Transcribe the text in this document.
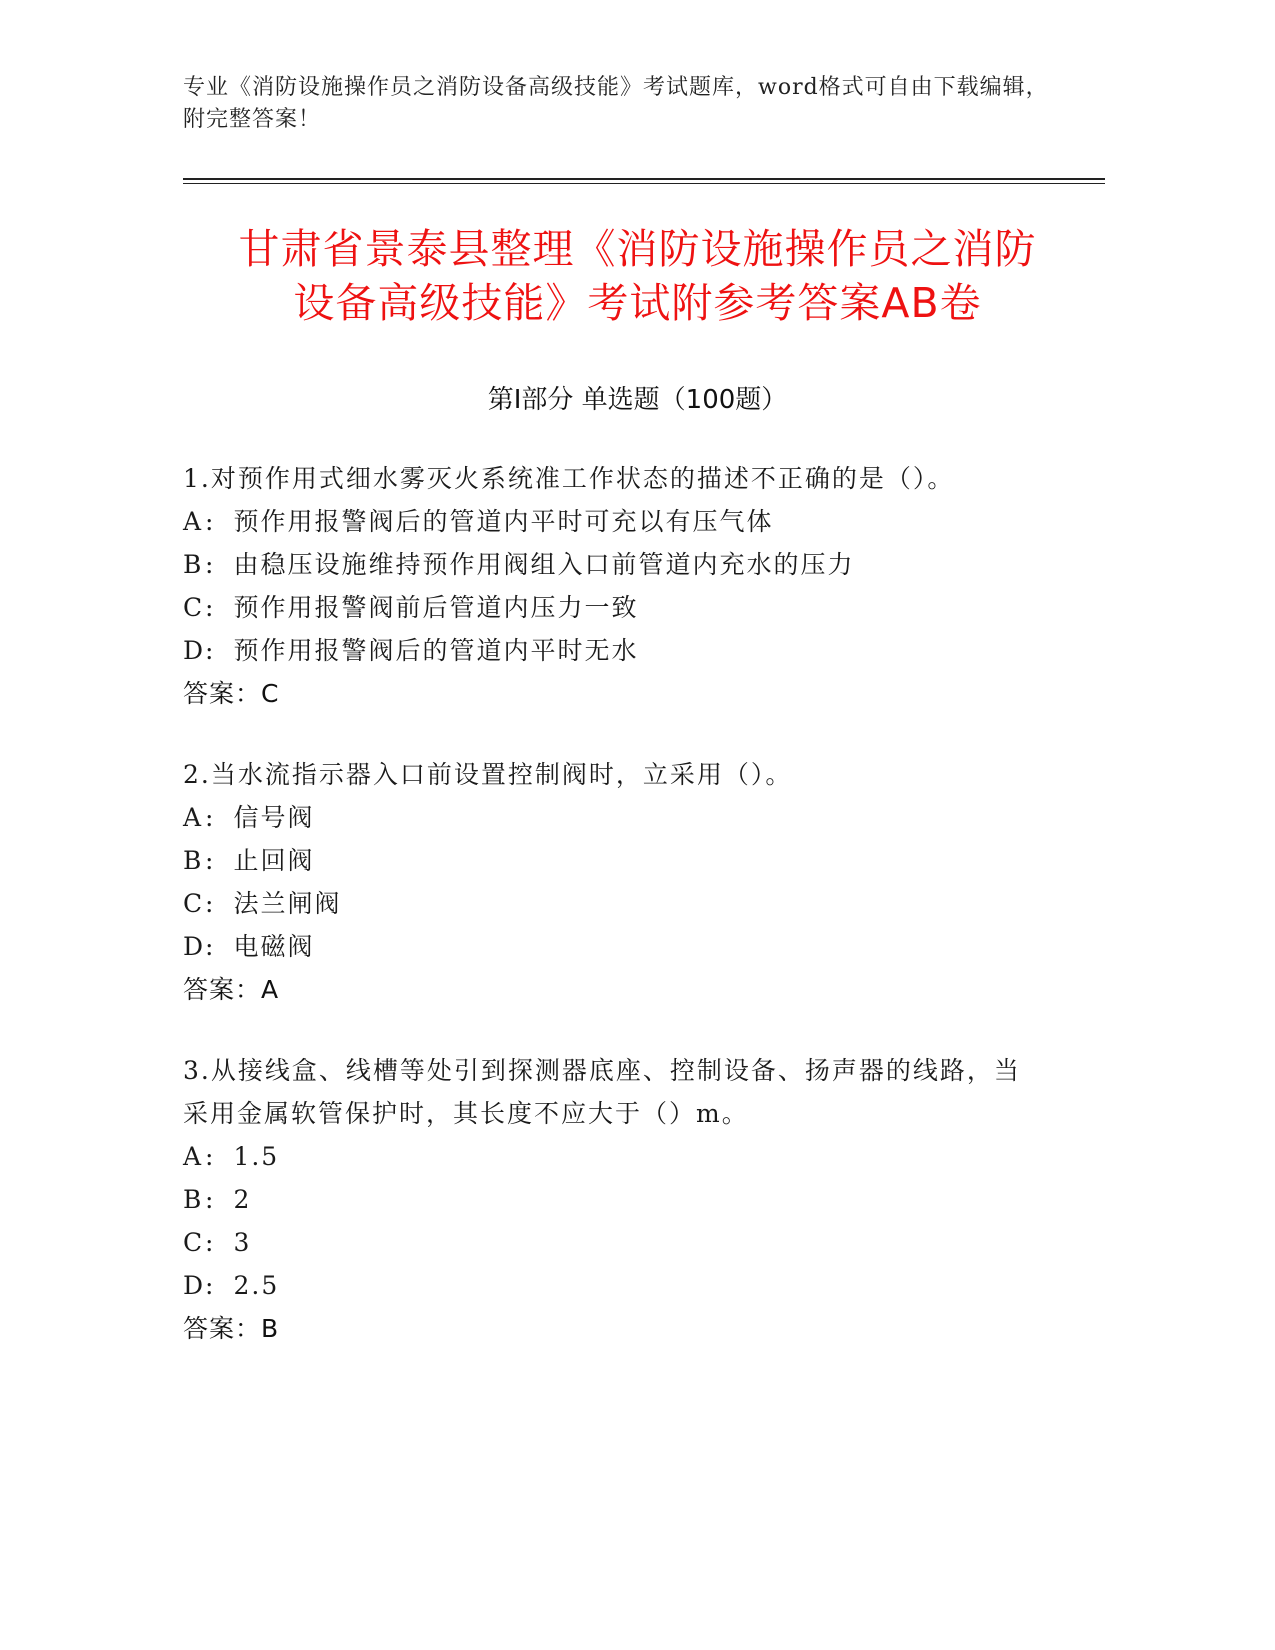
专业《消防设施操作员之消防设备高级技能》考试题库，word格式可自由下载编辑，附完整答案！
甘肃省景泰县整理《消防设施操作员之消防
设备高级技能》考试附参考答案AB卷
第Ⅰ部分 单选题（100题）
1.对预作用式细水雾灭火系统准工作状态的描述不正确的是（）。
A: 预作用报警阀后的管道内平时可充以有压气体
B: 由稳压设施维持预作用阀组入口前管道内充水的压力
C: 预作用报警阀前后管道内压力一致
D: 预作用报警阀后的管道内平时无水
答案：C
2.当水流指示器入口前设置控制阀时，立采用（）。
A: 信号阀
B: 止回阀
C: 法兰闸阀
D: 电磁阀
答案：A
3.从接线盒、线槽等处引到探测器底座、控制设备、扬声器的线路，当采用金属软管保护时，其长度不应大于（）m。
A: 1.5
B: 2
C: 3
D: 2.5
答案：B
